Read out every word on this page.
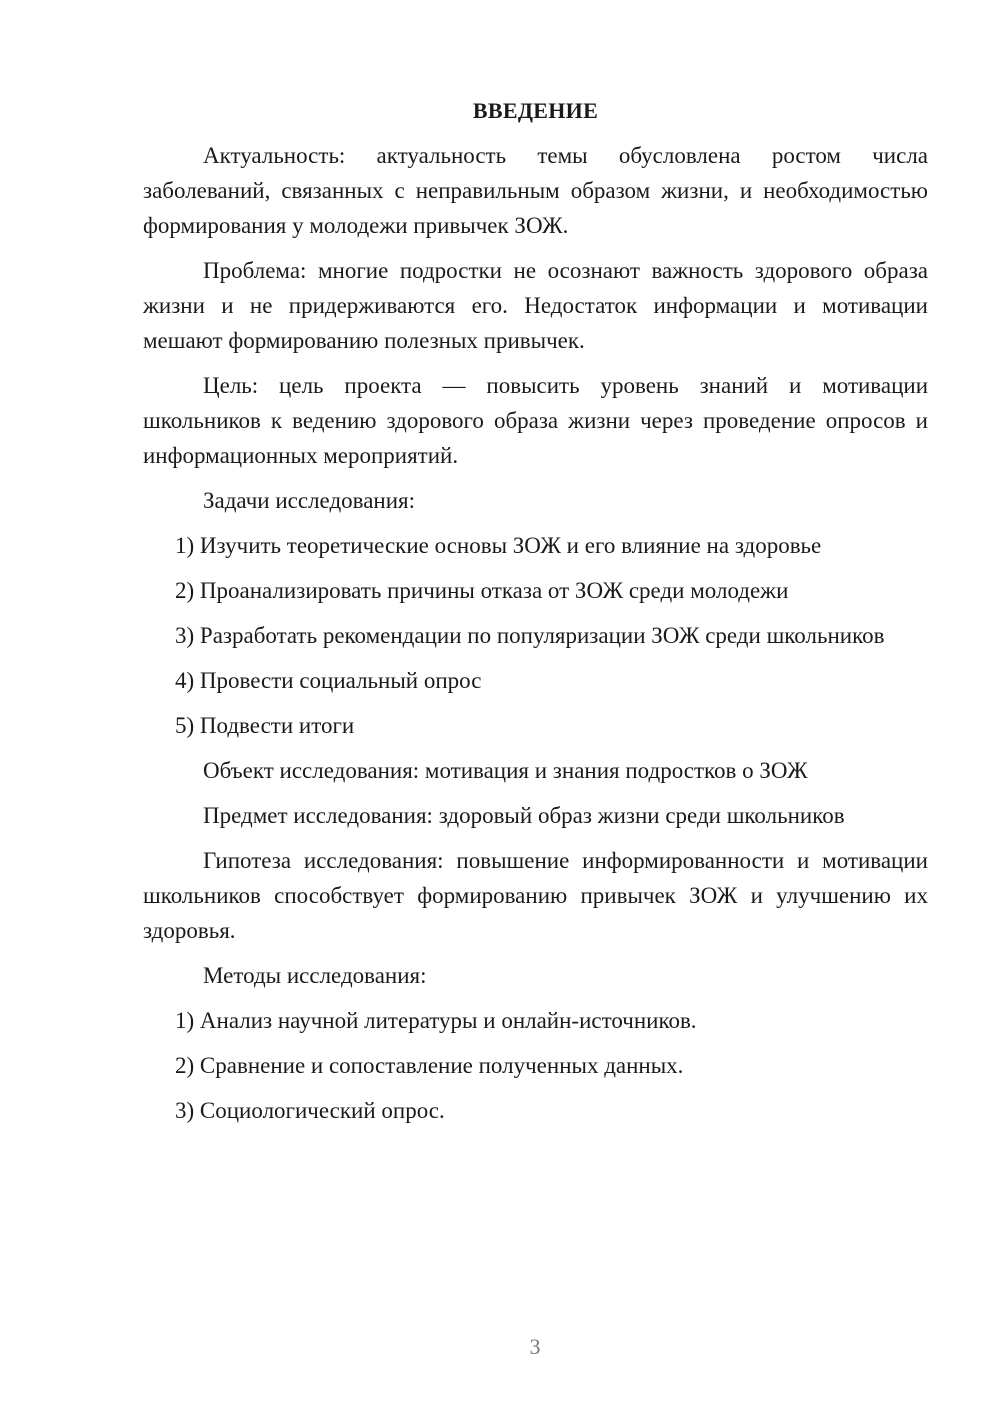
ВВЕДЕНИЕ

Актуальность: актуальность темы обусловлена ростом числа заболеваний, связанных с неправильным образом жизни, и необходимостью формирования у молодежи привычек ЗОЖ.

Проблема: многие подростки не осознают важность здорового образа жизни и не придерживаются его. Недостаток информации и мотивации мешают формированию полезных привычек.

Цель: цель проекта — повысить уровень знаний и мотивации школьников к ведению здорового образа жизни через проведение опросов и информационных мероприятий.

Задачи исследования:

1) Изучить теоретические основы ЗОЖ и его влияние на здоровье

2) Проанализировать причины отказа от ЗОЖ среди молодежи

3) Разработать рекомендации по популяризации ЗОЖ среди школьников

4) Провести социальный опрос

5) Подвести итоги

Объект исследования: мотивация и знания подростков о ЗОЖ

Предмет исследования: здоровый образ жизни среди школьников

Гипотеза исследования: повышение информированности и мотивации школьников способствует формированию привычек ЗОЖ и улучшению их здоровья.

Методы исследования:

1) Анализ научной литературы и онлайн-источников.

2) Сравнение и сопоставление полученных данных.

3) Социологический опрос.

3
